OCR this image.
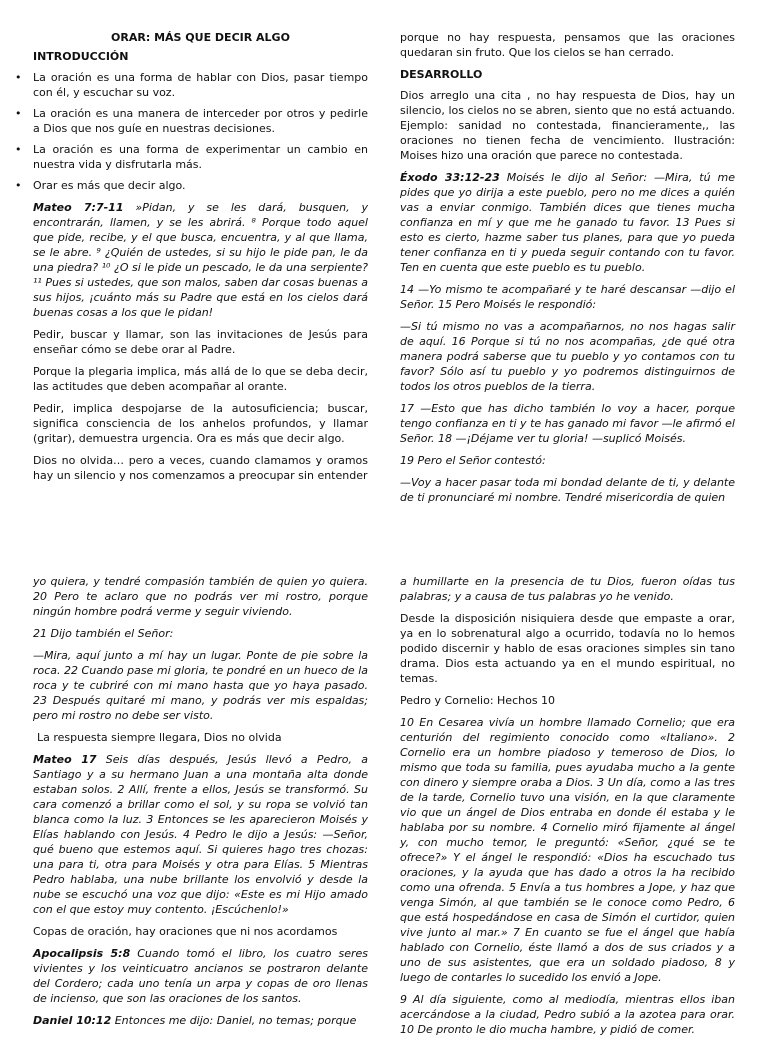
ORAR: MÁS QUE DECIR ALGO

INTRODUCCIÓN

• La oración es una forma de hablar con Dios, pasar tiempo con él, y escuchar su voz.
• La oración es una manera de interceder por otros y pedirle a Dios que nos guíe en nuestras decisiones.
• La oración es una forma de experimentar un cambio en nuestra vida y disfrutarla más.
• Orar es más que decir algo.

Mateo 7:7-11 »Pidan, y se les dará, busquen, y encontrarán, llamen, y se les abrirá. ⁸ Porque todo aquel que pide, recibe, y el que busca, encuentra, y al que llama, se le abre. ⁹ ¿Quién de ustedes, si su hijo le pide pan, le da una piedra? ¹⁰ ¿O si le pide un pescado, le da una serpiente? ¹¹ Pues si ustedes, que son malos, saben dar cosas buenas a sus hijos, ¡cuánto más su Padre que está en los cielos dará buenas cosas a los que le pidan!

Pedir, buscar y llamar, son las invitaciones de Jesús para enseñar cómo se debe orar al Padre.

Porque la plegaria implica, más allá de lo que se deba decir, las actitudes que deben acompañar al orante.

Pedir, implica despojarse de la autosuficiencia; buscar, significa consciencia de los anhelos profundos, y llamar (gritar), demuestra urgencia. Ora es más que decir algo.

Dios no olvida… pero a veces, cuando clamamos y oramos hay un silencio y nos comenzamos a preocupar sin entender

porque no hay respuesta, pensamos que las oraciones quedaran sin fruto. Que los cielos se han cerrado.

DESARROLLO

Dios arreglo una cita , no hay respuesta de Dios, hay un silencio, los cielos no se abren, siento que no está actuando. Ejemplo: sanidad no contestada, financieramente,, las oraciones no tienen fecha de vencimiento. Ilustración: Moises hizo una oración que parece no contestada.

Éxodo 33:12-23 Moisés le dijo al Señor: —Mira, tú me pides que yo dirija a este pueblo, pero no me dices a quién vas a enviar conmigo. También dices que tienes mucha confianza en mí y que me he ganado tu favor. 13 Pues si esto es cierto, hazme saber tus planes, para que yo pueda tener confianza en ti y pueda seguir contando con tu favor. Ten en cuenta que este pueblo es tu pueblo.

14 —Yo mismo te acompañaré y te haré descansar —dijo el Señor. 15 Pero Moisés le respondió:

—Si tú mismo no vas a acompañarnos, no nos hagas salir de aquí. 16 Porque si tú no nos acompañas, ¿de qué otra manera podrá saberse que tu pueblo y yo contamos con tu favor? Sólo así tu pueblo y yo podremos distinguirnos de todos los otros pueblos de la tierra.

17 —Esto que has dicho también lo voy a hacer, porque tengo confianza en ti y te has ganado mi favor —le afirmó el Señor. 18 —¡Déjame ver tu gloria! —suplicó Moisés.

19 Pero el Señor contestó:

—Voy a hacer pasar toda mi bondad delante de ti, y delante de ti pronunciaré mi nombre. Tendré misericordia de quien

yo quiera, y tendré compasión también de quien yo quiera. 20 Pero te aclaro que no podrás ver mi rostro, porque ningún hombre podrá verme y seguir viviendo.

21 Dijo también el Señor:

—Mira, aquí junto a mí hay un lugar. Ponte de pie sobre la roca. 22 Cuando pase mi gloria, te pondré en un hueco de la roca y te cubriré con mi mano hasta que yo haya pasado. 23 Después quitaré mi mano, y podrás ver mis espaldas; pero mi rostro no debe ser visto.

La respuesta siempre llegara, Dios no olvida

Mateo 17 Seis días después, Jesús llevó a Pedro, a Santiago y a su hermano Juan a una montaña alta donde estaban solos. 2 Allí, frente a ellos, Jesús se transformó. Su cara comenzó a brillar como el sol, y su ropa se volvió tan blanca como la luz. 3 Entonces se les aparecieron Moisés y Elías hablando con Jesús. 4 Pedro le dijo a Jesús: —Señor, qué bueno que estemos aquí. Si quieres hago tres chozas: una para ti, otra para Moisés y otra para Elías. 5 Mientras Pedro hablaba, una nube brillante los envolvió y desde la nube se escuchó una voz que dijo: «Este es mi Hijo amado con el que estoy muy contento. ¡Escúchenlo!»

Copas de oración, hay oraciones que ni nos acordamos

Apocalipsis 5:8 Cuando tomó el libro, los cuatro seres vivientes y los veinticuatro ancianos se postraron delante del Cordero; cada uno tenía un arpa y copas de oro llenas de incienso, que son las oraciones de los santos.

Daniel 10:12 Entonces me dijo: Daniel, no temas; porque

a humillarte en la presencia de tu Dios, fueron oídas tus palabras; y a causa de tus palabras yo he venido.

Desde la disposición nisiquiera desde que empaste a orar, ya en lo sobrenatural algo a ocurrido, todavía no lo hemos podido discernir y hablo de esas oraciones simples sin tano drama. Dios esta actuando ya en el mundo espiritual, no temas.

Pedro y Cornelio: Hechos 10

10 En Cesarea vivía un hombre llamado Cornelio; que era centurión del regimiento conocido como «Italiano». 2 Cornelio era un hombre piadoso y temeroso de Dios, lo mismo que toda su familia, pues ayudaba mucho a la gente con dinero y siempre oraba a Dios. 3 Un día, como a las tres de la tarde, Cornelio tuvo una visión, en la que claramente vio que un ángel de Dios entraba en donde él estaba y le hablaba por su nombre. 4 Cornelio miró fijamente al ángel y, con mucho temor, le preguntó: «Señor, ¿qué se te ofrece?» Y el ángel le respondió: «Dios ha escuchado tus oraciones, y la ayuda que has dado a otros la ha recibido como una ofrenda. 5 Envía a tus hombres a Jope, y haz que venga Simón, al que también se le conoce como Pedro, 6 que está hospedándose en casa de Simón el curtidor, quien vive junto al mar.» 7 En cuanto se fue el ángel que había hablado con Cornelio, éste llamó a dos de sus criados y a uno de sus asistentes, que era un soldado piadoso, 8 y luego de contarles lo sucedido los envió a Jope.

9 Al día siguiente, como al mediodía, mientras ellos iban acercándose a la ciudad, Pedro subió a la azotea para orar. 10 De pronto le dio mucha hambre, y pidió de comer.
